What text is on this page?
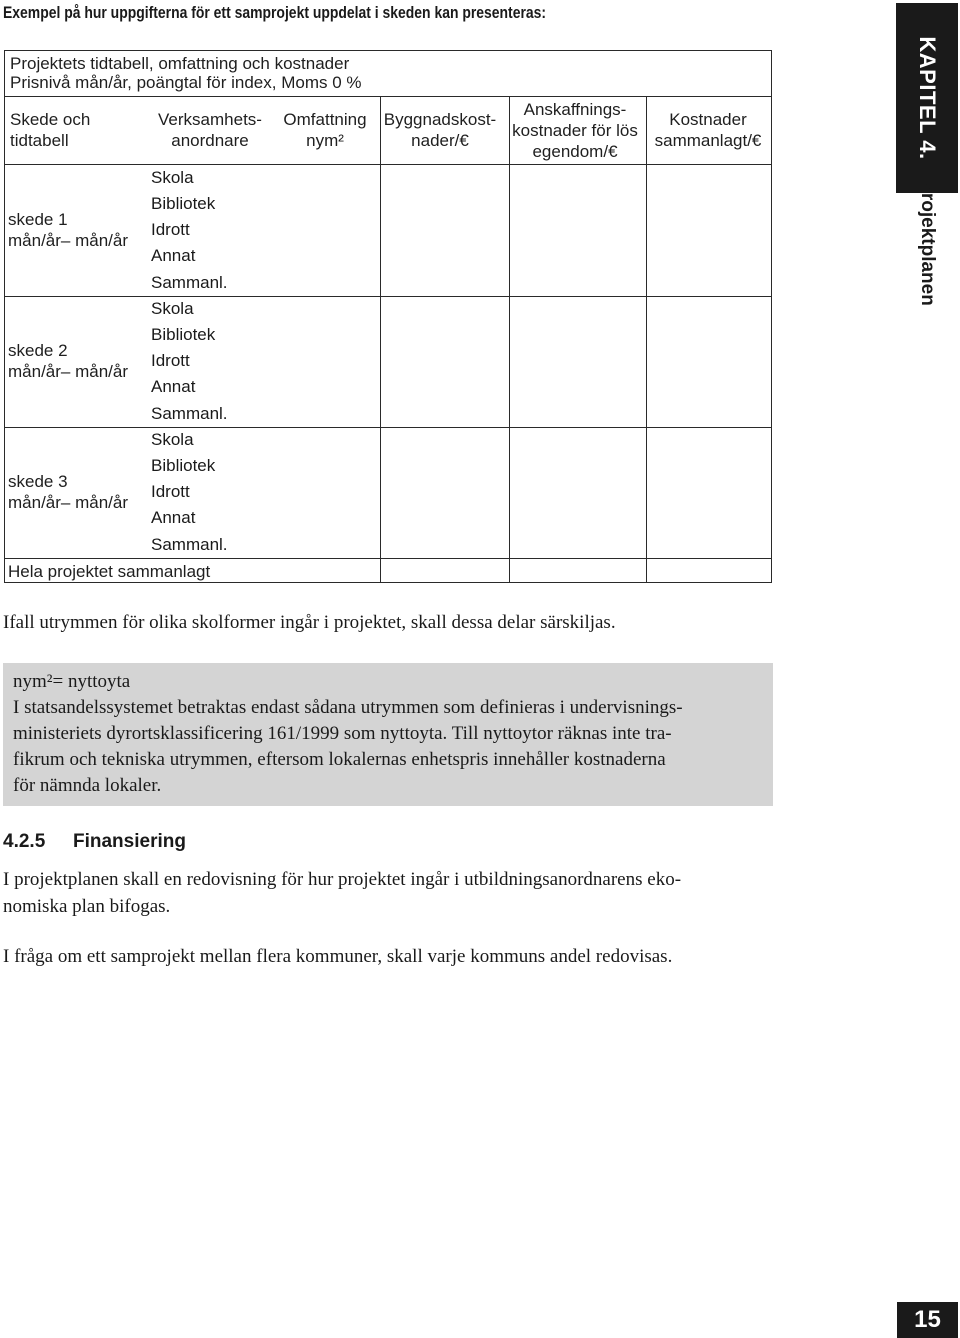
Exempel på hur uppgifterna för ett samprojekt uppdelat i skeden kan presenteras:
Projektets tidtabell, omfattning och kostnader
Prisnivå mån/år, poängtal för index, Moms 0 %
Skede och
tidtabell
Verksamhets-
anordnare
Omfattning
nym²
Byggnadskost-
nader/€
Anskaffnings-
kostnader för lös
egendom/€
Kostnader
sammanlagt/€
skede 1
mån/år– mån/år
Skola
Bibliotek
Idrott
Annat
Sammanl.
skede 2
mån/år– mån/år
Skola
Bibliotek
Idrott
Annat
Sammanl.
skede 3
mån/år– mån/år
Skola
Bibliotek
Idrott
Annat
Sammanl.
Hela projektet sammanlagt
Ifall utrymmen för olika skolformer ingår i projektet, skall dessa delar särskiljas.
nym²= nyttoyta
I statsandelssystemet betraktas endast sådana utrymmen som definieras i undervisnings-
ministeriets dyrortsklassificering 161/1999 som nyttoyta. Till nyttoytor räknas inte tra-
fikrum och tekniska utrymmen, eftersom lokalernas enhetspris innehåller kostnaderna
för nämnda lokaler.
4.2.5 Finansiering
I projektplanen skall en redovisning för hur projektet ingår i utbildningsanordnarens eko-
nomiska plan bifogas.
I fråga om ett samprojekt mellan flera kommuner, skall varje kommuns andel redovisas.
KAPITEL 4.
Projektplanen
15
